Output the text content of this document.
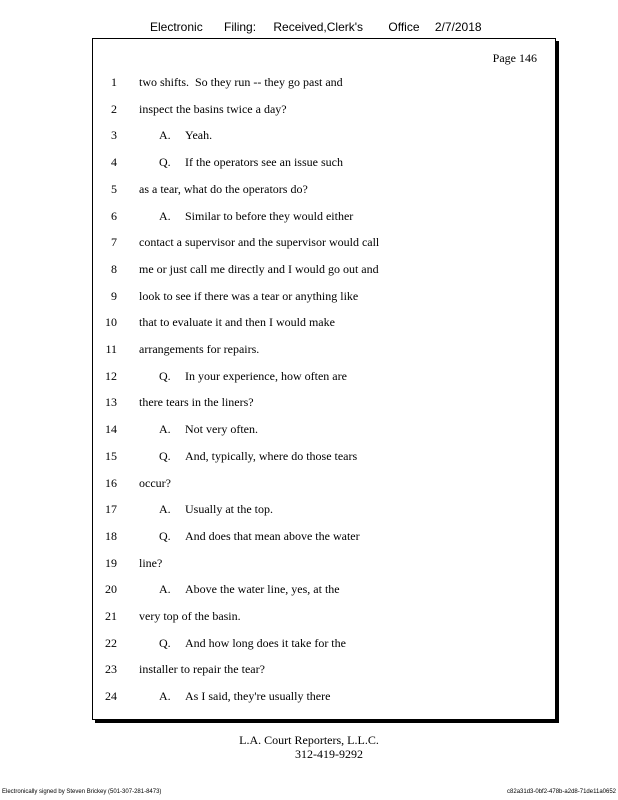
Electronic Filing: Received,Clerk's Office 2/7/2018
Page 146
1 two shifts.  So they run -- they go past and
2 inspect the basins twice a day?
3	A. Yeah.
4	Q. If the operators see an issue such
5 as a tear, what do the operators do?
6	A. Similar to before they would either
7 contact a supervisor and the supervisor would call
8 me or just call me directly and I would go out and
9 look to see if there was a tear or anything like
10 that to evaluate it and then I would make
11 arrangements for repairs.
12	Q. In your experience, how often are
13 there tears in the liners?
14	A. Not very often.
15	Q. And, typically, where do those tears
16 occur?
17	A. Usually at the top.
18	Q. And does that mean above the water
19 line?
20	A. Above the water line, yes, at the
21 very top of the basin.
22	Q. And how long does it take for the
23 installer to repair the tear?
24	A. As I said, they're usually there
L.A. Court Reporters, L.L.C.
312-419-9292
Electronically signed by Steven Brickey (501-307-281-8473)	c82a31d3-0bf2-478b-a2d8-71de11a0652
